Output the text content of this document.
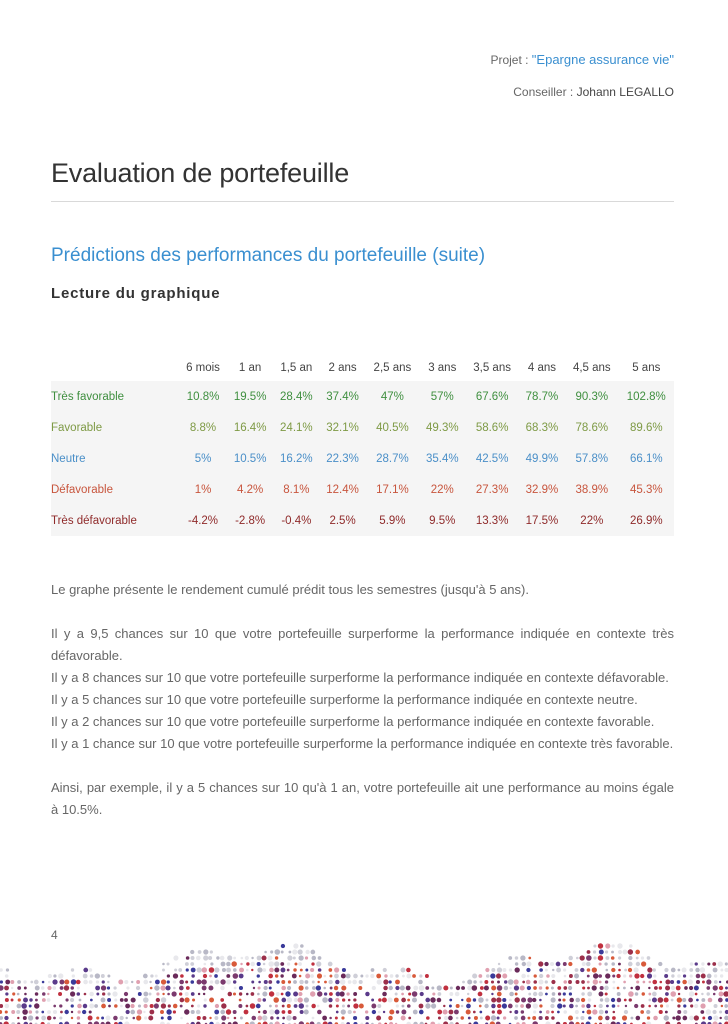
Projet : "Epargne assurance vie"
Conseiller : Johann LEGALLO
Evaluation de portefeuille
Prédictions des performances du portefeuille (suite)
Lecture du graphique
	6 mois	1 an	1,5 an	2 ans	2,5 ans	3 ans	3,5 ans	4 ans	4,5 ans	5 ans
Très favorable	10.8%	19.5%	28.4%	37.4%	47%	57%	67.6%	78.7%	90.3%	102.8%
Favorable	8.8%	16.4%	24.1%	32.1%	40.5%	49.3%	58.6%	68.3%	78.6%	89.6%
Neutre	5%	10.5%	16.2%	22.3%	28.7%	35.4%	42.5%	49.9%	57.8%	66.1%
Défavorable	1%	4.2%	8.1%	12.4%	17.1%	22%	27.3%	32.9%	38.9%	45.3%
Très défavorable	-4.2%	-2.8%	-0.4%	2.5%	5.9%	9.5%	13.3%	17.5%	22%	26.9%

Le graphe présente le rendement cumulé prédit tous les semestres (jusqu'à 5 ans).

Il y a 9,5 chances sur 10 que votre portefeuille surperforme la performance indiquée en contexte très défavorable.

Il y a 8 chances sur 10 que votre portefeuille surperforme la performance indiquée en contexte défavorable.

Il y a 5 chances sur 10 que votre portefeuille surperforme la performance indiquée en contexte neutre.

Il y a 2 chances sur 10 que votre portefeuille surperforme la performance indiquée en contexte favorable.

Il y a 1 chance sur 10 que votre portefeuille surperforme la performance indiquée en contexte très favorable.

Ainsi, par exemple, il y a 5 chances sur 10 qu'à 1 an, votre portefeuille ait une performance au moins égale à 10.5%.

4
